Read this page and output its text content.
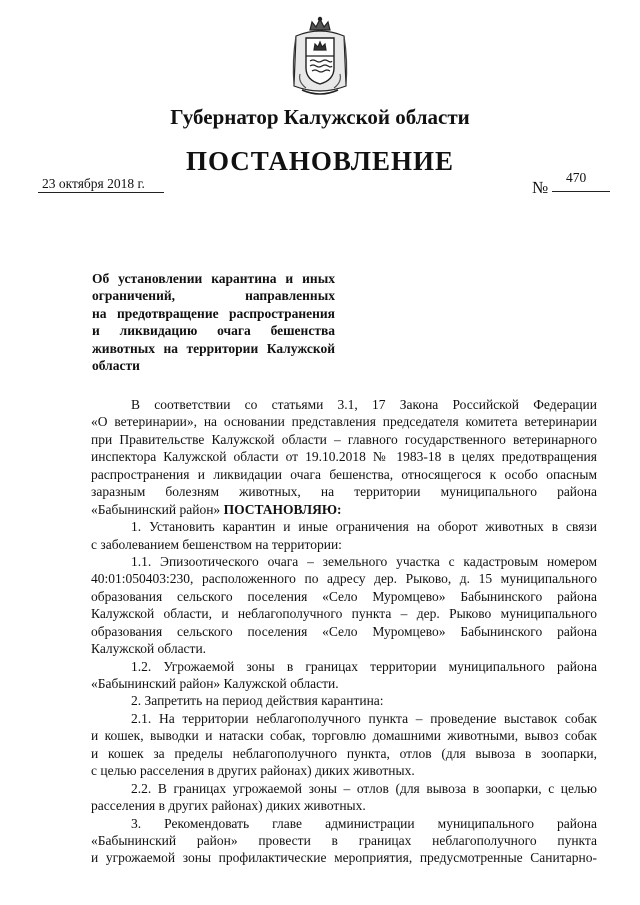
Губернатор Калужской области
ПОСТАНОВЛЕНИЕ
23 октября 2018 г.	№
470
Об установлении карантина и иных
ограничений, направленных
на предотвращение распространения
и ликвидацию очага бешенства
животных на территории Калужской
области
В соответствии со статьями 3.1, 17 Закона Российской Федерации
«О ветеринарии», на основании представления председателя комитета ветеринарии
при Правительстве Калужской области – главного государственного ветеринарного
инспектора Калужской области от 19.10.2018 № 1983-18 в целях предотвращения
распространения и ликвидации очага бешенства, относящегося к особо опасным
заразным болезням животных, на территории муниципального района
«Бабынинский район» ПОСТАНОВЛЯЮ:
1. Установить карантин и иные ограничения на оборот животных в связи
с заболеванием бешенством на территории:
1.1. Эпизоотического очага – земельного участка с кадастровым номером
40:01:050403:230, расположенного по адресу дер. Рыково, д. 15 муниципального
образования сельского поселения «Село Муромцево» Бабынинского района
Калужской области, и неблагополучного пункта – дер. Рыково муниципального
образования сельского поселения «Село Муромцево» Бабынинского района
Калужской области.
1.2. Угрожаемой зоны в границах территории муниципального района
«Бабынинский район» Калужской области.
2. Запретить на период действия карантина:
2.1. На территории неблагополучного пункта – проведение выставок собак
и кошек, выводки и натаски собак, торговлю домашними животными, вывоз собак
и кошек за пределы неблагополучного пункта, отлов (для вывоза в зоопарки,
с целью расселения в других районах) диких животных.
2.2. В границах угрожаемой зоны – отлов (для вывоза в зоопарки, с целью
расселения в других районах) диких животных.
3. Рекомендовать главе администрации муниципального района
«Бабынинский район» провести в границах неблагополучного пункта
и угрожаемой зоны профилактические мероприятия, предусмотренные Санитарно-
